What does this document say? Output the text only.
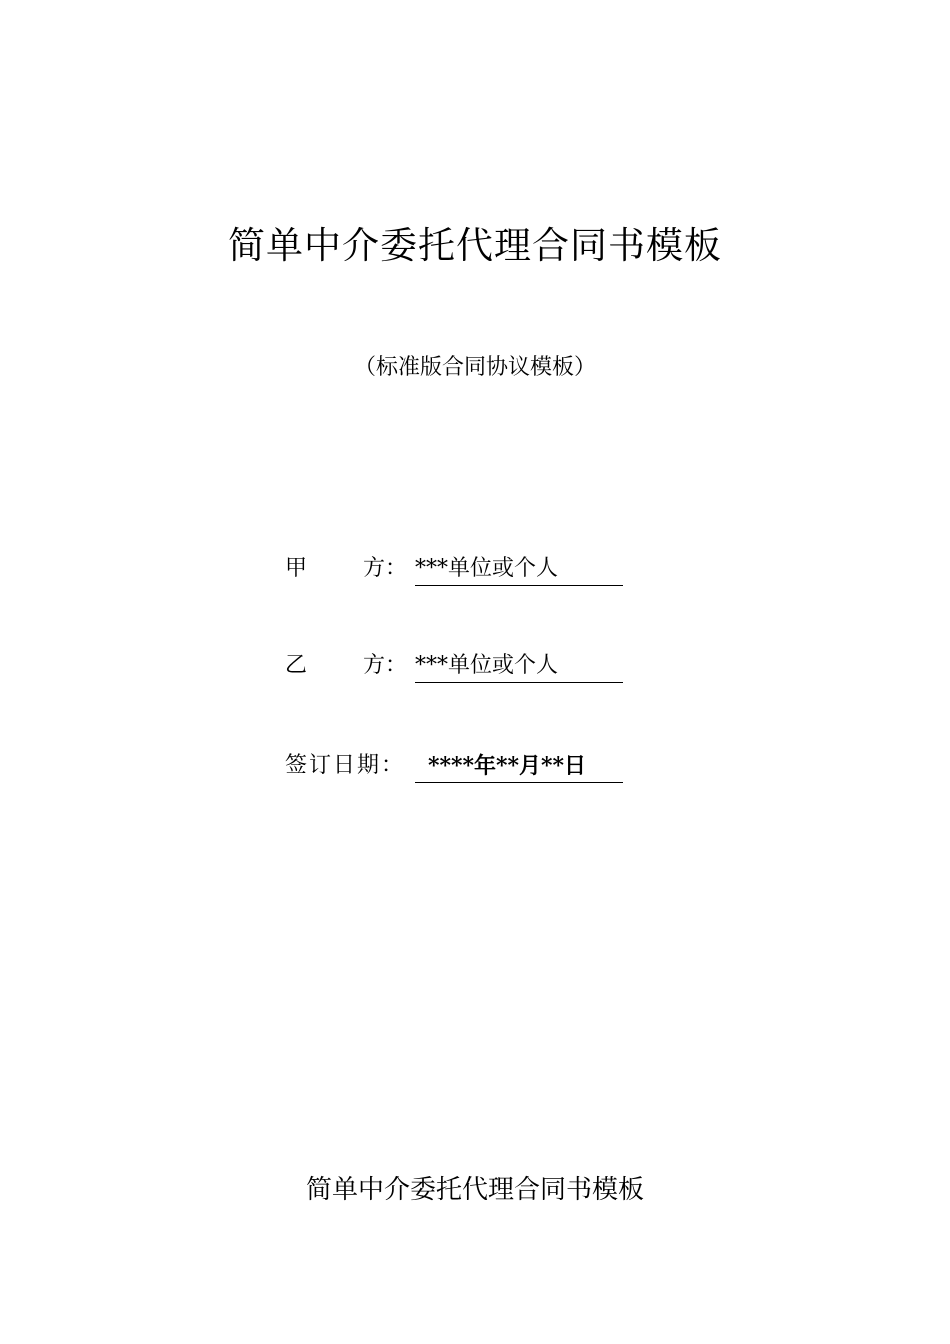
简单中介委托代理合同书模板
（标准版合同协议模板）
甲	方： ***单位或个人
乙	方： ***单位或个人
签订日期：	****年**月**日
简单中介委托代理合同书模板
